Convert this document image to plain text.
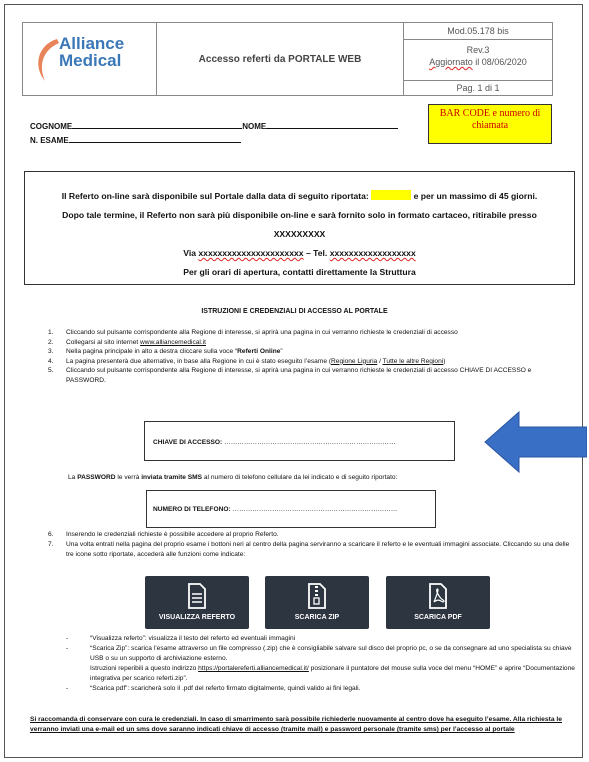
Alliance
Medical	Accesso referti da PORTALE WEB
Mod.05.178 bis
Rev.3
Aggiornato il 08/06/2020
Pag. 1 di 1
BAR CODE e numero di chiamata
COGNOME	NOME
N. ESAME

Il Referto on-line sarà disponibile sul Portale dalla data di seguito riportata:	e per un massimo di 45 giorni.

Dopo tale termine, il Referto non sarà più disponibile on-line e sarà fornito solo in formato cartaceo, ritirabile presso

XXXXXXXXX

Via xxxxxxxxxxxxxxxxxxxxxx – Tel. xxxxxxxxxxxxxxxxxx

Per gli orari di apertura, contatti direttamente la Struttura

ISTRUZIONI E CREDENZIALI DI ACCESSO AL PORTALE
1.	Cliccando sul pulsante corrispondente alla Regione di interesse, si aprirà una pagina in cui verranno richieste le credenziali di accesso
2.	Collegarsi al sito internet www.alliancemedical.it
3.	Nella pagina principale in alto a destra cliccare sulla voce “Referti Online”
4.	La pagina presenterà due alternative, in base alla Regione in cui è stato eseguito l’esame (Regione Liguria / Tutte le altre Regioni)
5.	Cliccando sul pulsante corrispondente alla Regione di interesse, si aprirà una pagina in cui verranno richieste le credenziali di accesso CHIAVE DI ACCESSO e PASSWORD.
CHIAVE DI ACCESSO: ……………………………………………………………………
La PASSWORD le verrà inviata tramite SMS al numero di telefono cellulare da lei indicato e di seguito riportato:
NUMERO DI TELEFONO: …………………………………………………………………
6.	Inserendo le credenziali richieste è possibile accedere al proprio Referto.
7.	Una volta entrati nella pagina del proprio esame i bottoni neri al centro della pagina serviranno a scaricare il referto e le eventuali immagini associate. Cliccando su una delle tre icone sotto riportate, accederà alle funzioni come indicate:
VISUALIZZA REFERTO	SCARICA ZIP	SCARICA PDF
-	“Visualizza referto”: visualizza il testo del referto ed eventuali immagini
-	“Scarica Zip”: scarica l’esame attraverso un file compresso (.zip) che è consigliabile salvare sul disco del proprio pc, o se da consegnare ad uno specialista su chiave USB o su un supporto di archiviazione esterno.
Istruzioni reperibili a questo indirizzo https://portalereferti.alliancemedical.it/ posizionare il puntatore del mouse sulla voce del menu “HOME” e aprire “Documentazione integrativa per scarico referti.zip”.
-	“Scarica pdf”: scaricherà solo il .pdf del referto firmato digitalmente, quindi valido ai fini legali.
Si raccomanda di conservare con cura le credenziali. In caso di smarrimento sarà possibile richiederle nuovamente al centro dove ha eseguito l’esame. Alla richiesta le verranno inviati una e-mail ed un sms dove saranno indicati chiave di accesso (tramite mail) e password personale (tramite sms) per l’accesso al portale
